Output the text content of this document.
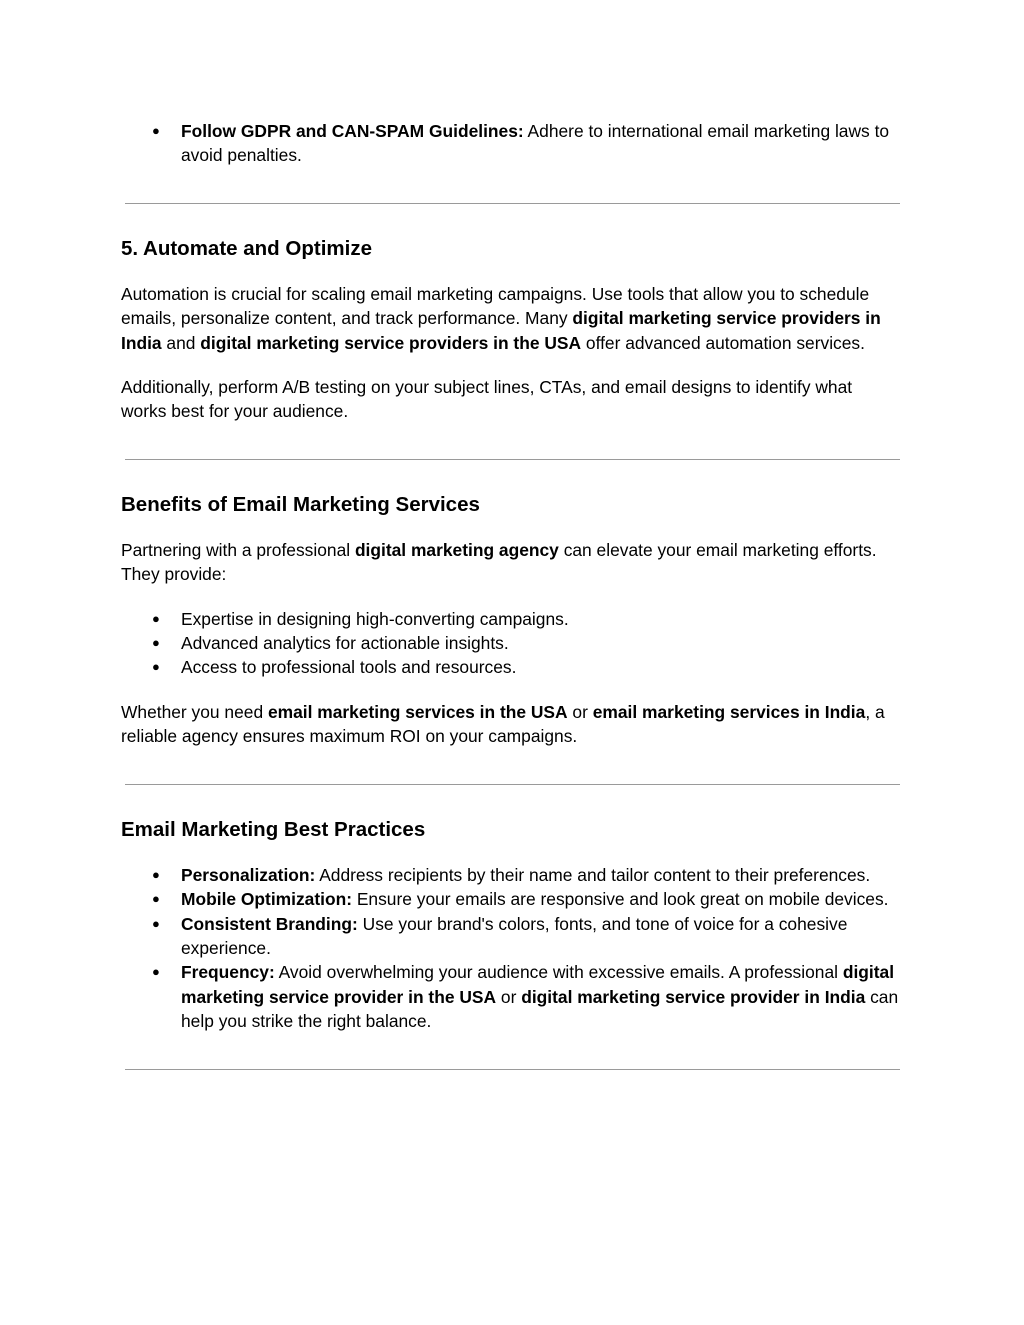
● Follow GDPR and CAN-SPAM Guidelines: Adhere to international email marketing laws to avoid penalties.
5. Automate and Optimize

Automation is crucial for scaling email marketing campaigns. Use tools that allow you to schedule emails, personalize content, and track performance. Many digital marketing service providers in India and digital marketing service providers in the USA offer advanced automation services.

Additionally, perform A/B testing on your subject lines, CTAs, and email designs to identify what works best for your audience.

Benefits of Email Marketing Services

Partnering with a professional digital marketing agency can elevate your email marketing efforts. They provide:

● Expertise in designing high-converting campaigns.
● Advanced analytics for actionable insights.
● Access to professional tools and resources.

Whether you need email marketing services in the USA or email marketing services in India, a reliable agency ensures maximum ROI on your campaigns.

Email Marketing Best Practices
● Personalization: Address recipients by their name and tailor content to their preferences.
● Mobile Optimization: Ensure your emails are responsive and look great on mobile devices.
● Consistent Branding: Use your brand's colors, fonts, and tone of voice for a cohesive experience.
● Frequency: Avoid overwhelming your audience with excessive emails. A professional digital marketing service provider in the USA or digital marketing service provider in India can help you strike the right balance.
